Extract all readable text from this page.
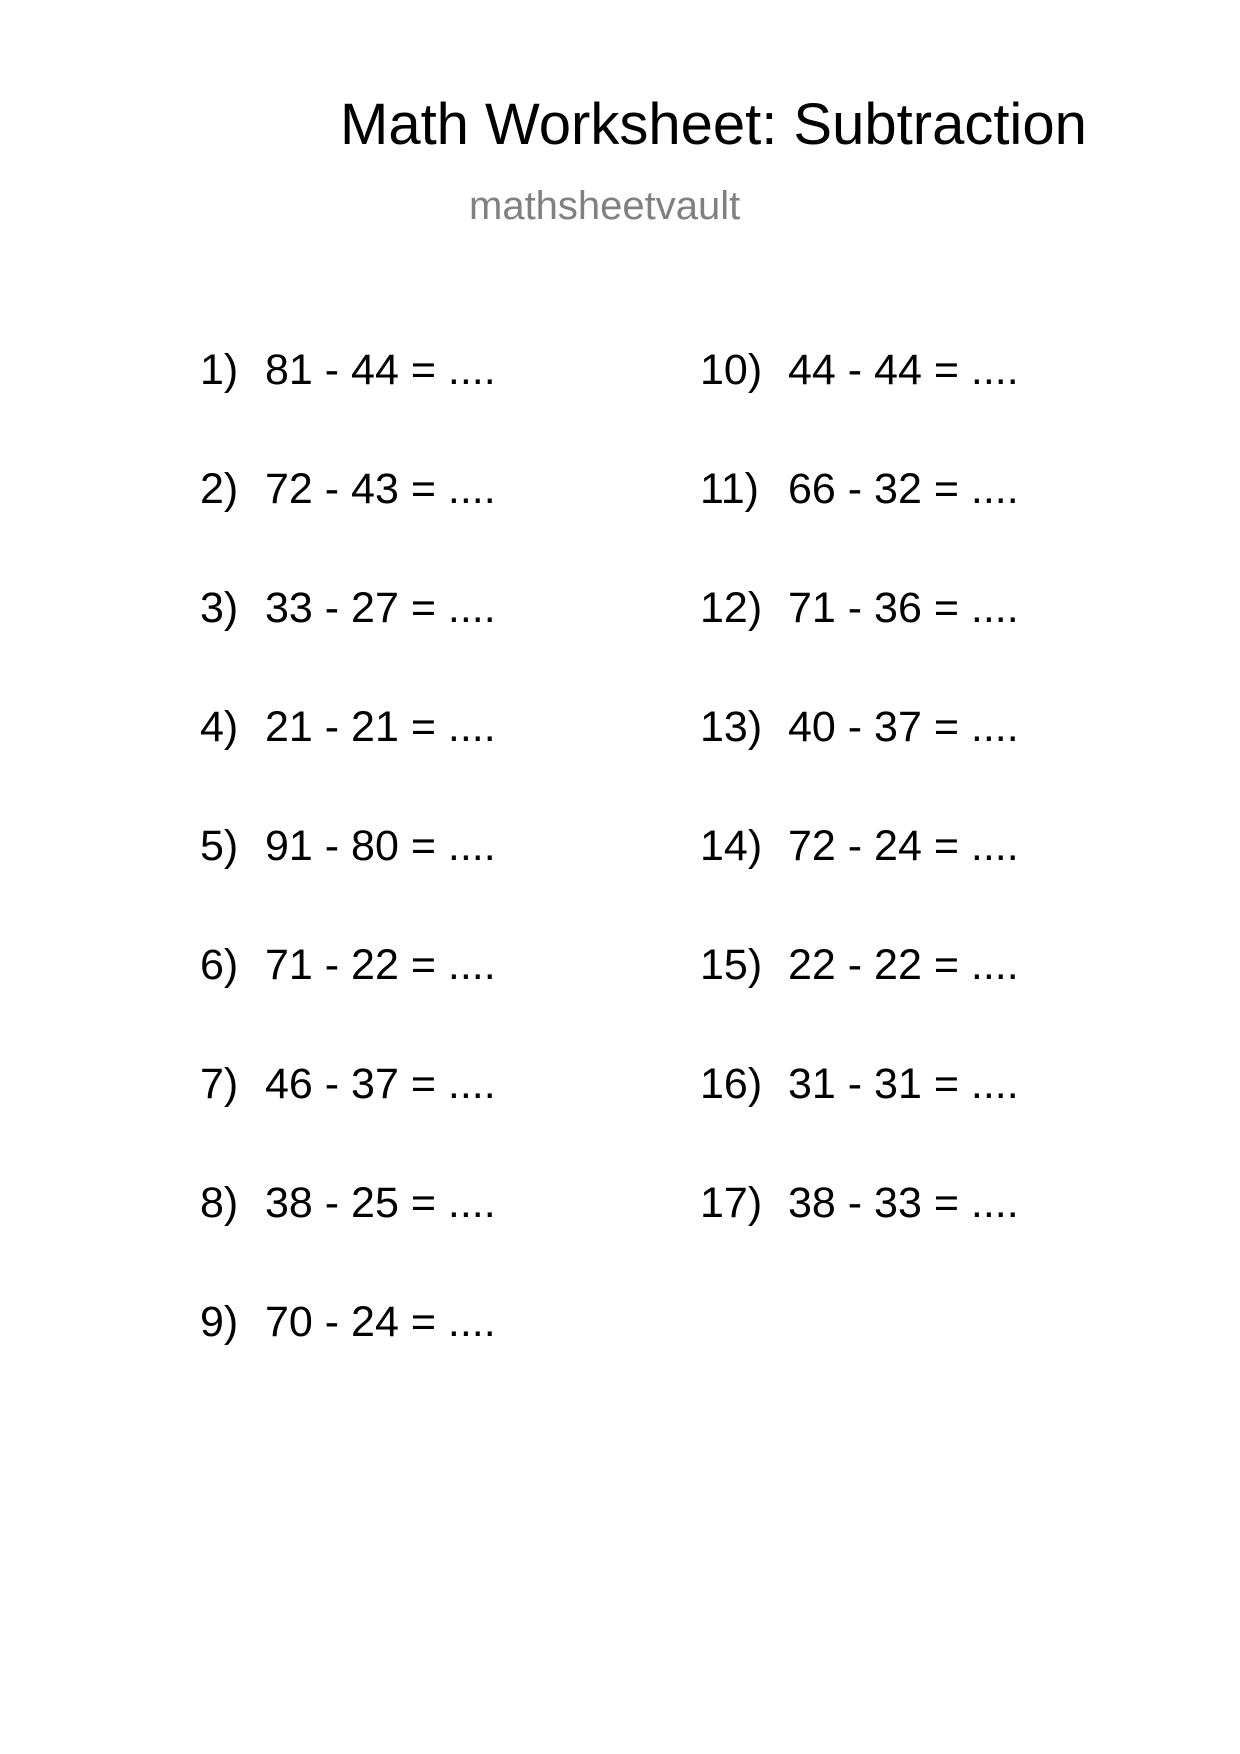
Math Worksheet: Subtraction
mathsheetvault
1) 81 - 44 = ....
2) 72 - 43 = ....
3) 33 - 27 = ....
4) 21 - 21 = ....
5) 91 - 80 = ....
6) 71 - 22 = ....
7) 46 - 37 = ....
8) 38 - 25 = ....
9) 70 - 24 = ....
10) 44 - 44 = ....
11) 66 - 32 = ....
12) 71 - 36 = ....
13) 40 - 37 = ....
14) 72 - 24 = ....
15) 22 - 22 = ....
16) 31 - 31 = ....
17) 38 - 33 = ....
